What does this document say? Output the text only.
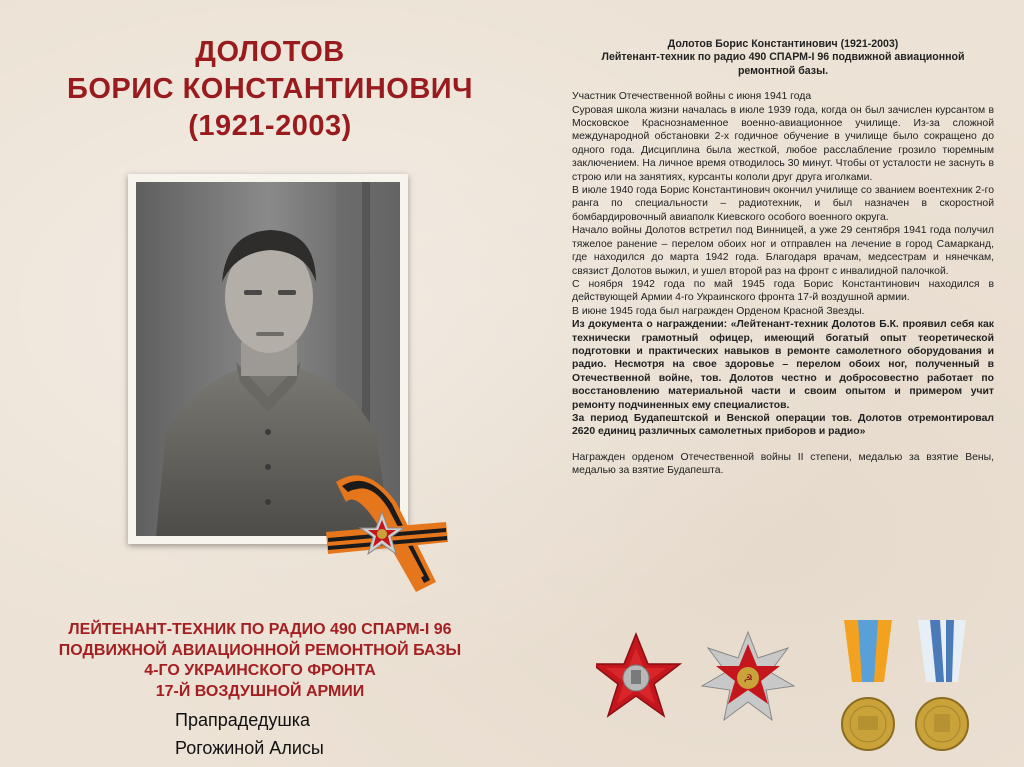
ДОЛОТОВ
БОРИС КОНСТАНТИНОВИЧ
(1921-2003)
ЛЕЙТЕНАНТ-ТЕХНИК ПО РАДИО 490 СПАРМ-І 96
ПОДВИЖНОЙ АВИАЦИОННОЙ РЕМОНТНОЙ БАЗЫ
4-ГО УКРАИНСКОГО ФРОНТА
17-Й ВОЗДУШНОЙ АРМИИ
Прапрадедушка
Рогожиной Алисы
Долотов Борис Константинович (1921-2003)
Лейтенант-техник по радио 490 СПАРМ-І 96 подвижной авиационной
ремонтной базы.

Участник Отечественной войны с июня 1941 года

Суровая школа жизни началась в июле 1939 года, когда он был зачислен курсантом в Московское Краснознаменное военно-авиационное училище. Из-за сложной международной обстановки 2-х годичное обучение в училище было сокращено до одного года. Дисциплина была жесткой, любое расслабление грозило тюремным заключением. На личное время отводилось 30 минут. Чтобы от усталости не заснуть в строю или на занятиях, курсанты кололи друг друга иголками.

В июле 1940 года Борис Константинович окончил училище со званием воентехник 2-го ранга по специальности – радиотехник, и был назначен в скоростной бомбардировочный авиаполк Киевского особого военного округа.

Начало войны Долотов встретил под Винницей, а уже 29 сентября 1941 года получил тяжелое ранение – перелом обоих ног и отправлен на лечение в город Самарканд, где находился до марта 1942 года. Благодаря врачам, медсестрам и нянечкам, связист Долотов выжил, и ушел второй раз на фронт с инвалидной палочкой.

С ноября 1942 года по май 1945 года Борис Константинович находился в действующей Армии 4-го Украинского фронта 17-й воздушной армии.

В июне 1945 года был награжден Орденом Красной Звезды.

Из документа о награждении: «Лейтенант-техник Долотов Б.К. проявил себя как технически грамотный офицер, имеющий богатый опыт теоретической подготовки и практических навыков в ремонте самолетного оборудования и радио. Несмотря на свое здоровье – перелом обоих ног, полученный в Отечественной войне, тов. Долотов честно и добросовестно работает по восстановлению материальной части и своим опытом и примером учит ремонту подчиненных ему специалистов.

За период Будапештской и Венской операции тов. Долотов отремонтировал 2620 единиц различных самолетных приборов и радио»

Награжден орденом Отечественной войны II степени, медалью за взятие Вены, медалью за взятие Будапешта.

☭
